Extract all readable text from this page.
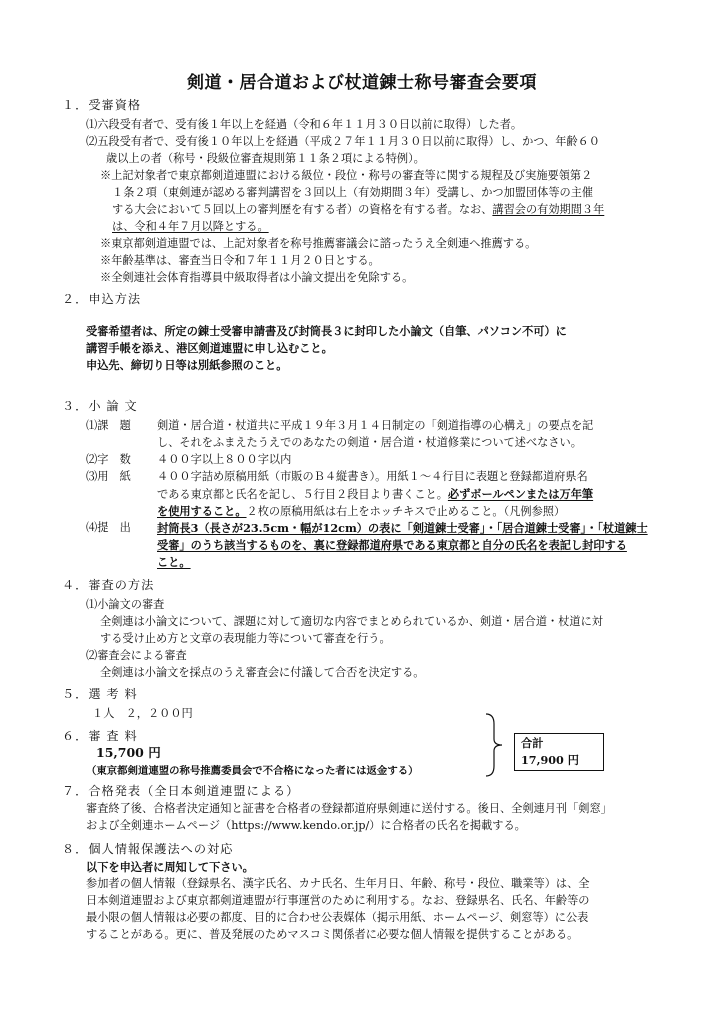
剣道・居合道および杖道錬士称号審査会要項
１．受審資格
⑴六段受有者で、受有後１年以上を経過（令和６年１１月３０日以前に取得）した者。
⑵五段受有者で、受有後１０年以上を経過（平成２７年１１月３０日以前に取得）し、かつ、年齢６０
歳以上の者（称号・段級位審査規則第１１条２項による特例）。
※上記対象者で東京都剣道連盟における級位・段位・称号の審査等に関する規程及び実施要領第２
１条２項（東剣連が認める審判講習を３回以上（有効期間３年）受講し、かつ加盟団体等の主催
する大会において５回以上の審判歴を有する者）の資格を有する者。なお、講習会の有効期間３年
は、令和４年７月以降とする。
※東京都剣道連盟では、上記対象者を称号推薦審議会に諮ったうえ全剣連へ推薦する。
※年齢基準は、審査当日令和７年１１月２０日とする。
※全剣連社会体育指導員中級取得者は小論文提出を免除する。
２．申込方法
受審希望者は、所定の錬士受審申請書及び封筒長３に封印した小論文（自筆、パソコン不可）に
講習手帳を添え、港区剣道連盟に申し込むこと。
申込先、締切り日等は別紙参照のこと。
３．小 論 文
⑴課　題 剣道・居合道・杖道共に平成１９年３月１４日制定の「剣道指導の心構え」の要点を記
し、それをふまえたうえでのあなたの剣道・居合道・杖道修業について述べなさい。
⑵字　数 ４００字以上８００字以内
⑶用　紙 ４００字詰め原稿用紙（市販のＢ４縦書き）。用紙１～４行目に表題と登録都道府県名
である東京都と氏名を記し、５行目２段目より書くこと。必ずボールペンまたは万年筆
を使用すること。２枚の原稿用紙は右上をホッチキスで止めること。（凡例参照）
⑷提　出 封筒長3（長さが23.5cm・幅が12cm）の表に「剣道錬士受審」・「居合道錬士受審」・「杖道錬士
受審」のうち該当するものを、裏に登録都道府県である東京都と自分の氏名を表記し封印する
こと。
４．審査の方法
⑴小論文の審査
全剣連は小論文について、課題に対して適切な内容でまとめられているか、剣道・居合道・杖道に対
する受け止め方と文章の表現能力等について審査を行う。
⑵審査会による審査
全剣連は小論文を採点のうえ審査会に付議して合否を決定する。
５．選 考 料
１人　２，２００円
６．審 査 料
15,700 円
（東京都剣道連盟の称号推薦委員会で不合格になった者には返金する）
合計
17,900 円
７．合格発表（全日本剣道連盟による）
審査終了後、合格者決定通知と証書を合格者の登録都道府県剣連に送付する。後日、全剣連月刊「剣窓」
および全剣連ホームページ（https://www.kendo.or.jp/）に合格者の氏名を掲載する。
８．個人情報保護法への対応
以下を申込者に周知して下さい。
参加者の個人情報（登録県名、漢字氏名、カナ氏名、生年月日、年齢、称号・段位、職業等）は、全
日本剣道連盟および東京都剣道連盟が行事運営のために利用する。なお、登録県名、氏名、年齢等の
最小限の個人情報は必要の都度、目的に合わせ公表媒体（掲示用紙、ホームページ、剣窓等）に公表
することがある。更に、普及発展のためマスコミ関係者に必要な個人情報を提供することがある。
